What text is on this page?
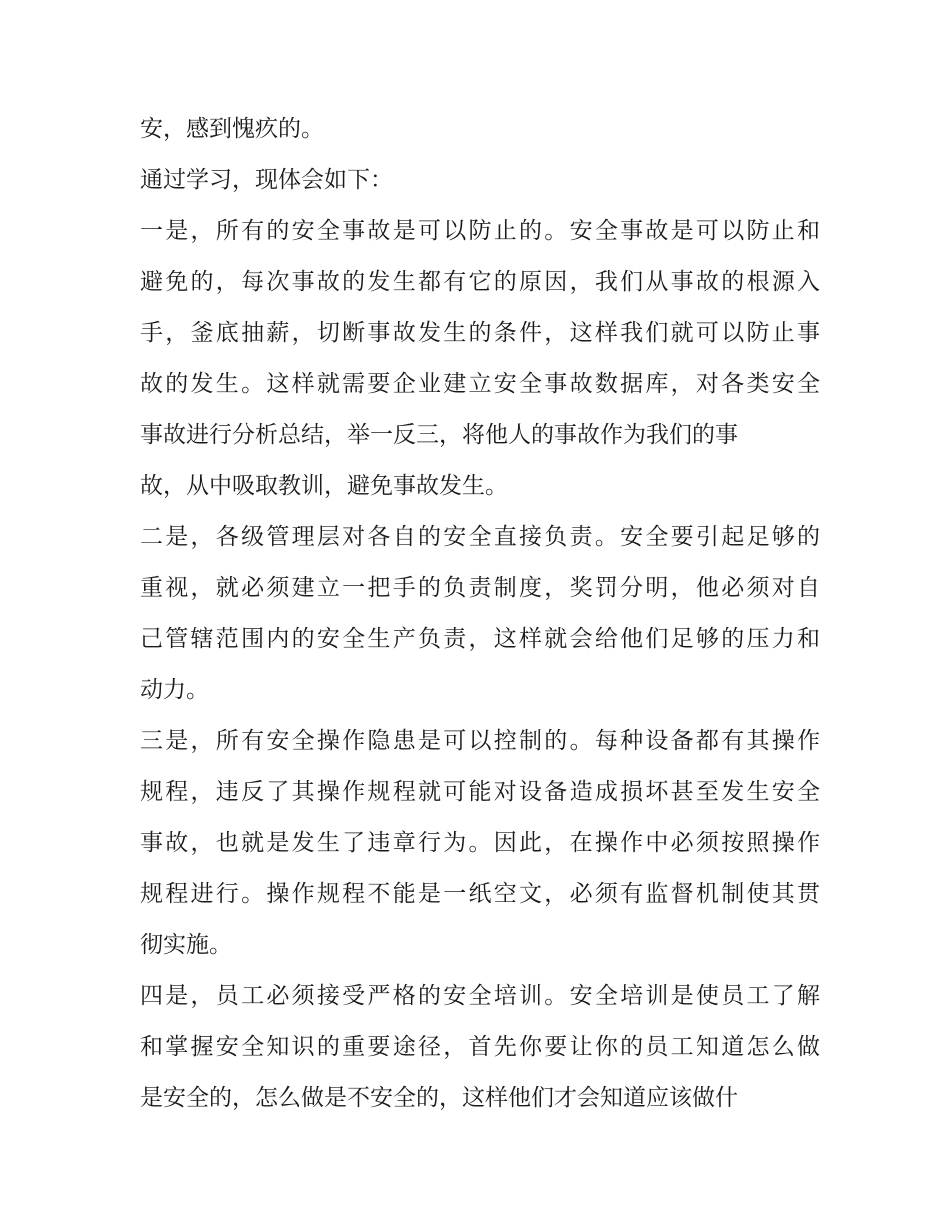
安，感到愧疚的。
通过学习，现体会如下：
一是，所有的安全事故是可以防止的。安全事故是可以防止和
避免的，每次事故的发生都有它的原因，我们从事故的根源入
手，釜底抽薪，切断事故发生的条件，这样我们就可以防止事
故的发生。这样就需要企业建立安全事故数据库，对各类安全
事故进行分析总结，举一反三，将他人的事故作为我们的事
故，从中吸取教训，避免事故发生。
二是，各级管理层对各自的安全直接负责。安全要引起足够的
重视，就必须建立一把手的负责制度，奖罚分明，他必须对自
己管辖范围内的安全生产负责，这样就会给他们足够的压力和
动力。
三是，所有安全操作隐患是可以控制的。每种设备都有其操作
规程，违反了其操作规程就可能对设备造成损坏甚至发生安全
事故，也就是发生了违章行为。因此，在操作中必须按照操作
规程进行。操作规程不能是一纸空文，必须有监督机制使其贯
彻实施。
四是，员工必须接受严格的安全培训。安全培训是使员工了解
和掌握安全知识的重要途径，首先你要让你的员工知道怎么做
是安全的，怎么做是不安全的，这样他们才会知道应该做什
